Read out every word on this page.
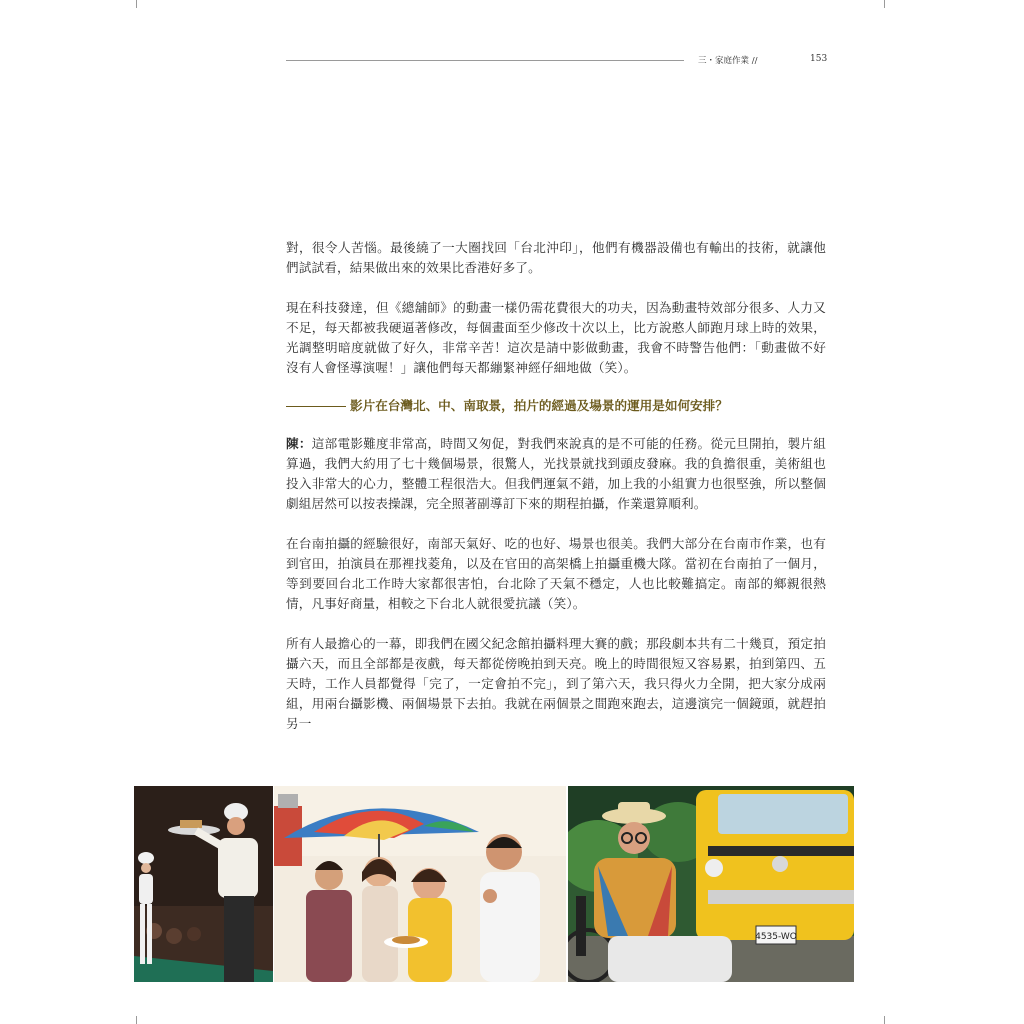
三・家庭作業 //	153

對，很令人苦惱。最後繞了一大圈找回「台北沖印」，他們有機器設備也有輸出的技術，就讓他們試試看，結果做出來的效果比香港好多了。

現在科技發達，但《總舖師》的動畫一樣仍需花費很大的功夫，因為動畫特效部分很多、人力又不足，每天都被我硬逼著修改，每個畫面至少修改十次以上，比方說憨人師跑月球上時的效果，光調整明暗度就做了好久，非常辛苦！這次是請中影做動畫，我會不時警告他們：「動畫做不好沒有人會怪導演喔！」讓他們每天都繃緊神經仔細地做（笑）。

影片在台灣北、中、南取景，拍片的經過及場景的運用是如何安排？

陳：這部電影難度非常高，時間又匆促，對我們來說真的是不可能的任務。從元旦開拍，製片組算過，我們大約用了七十幾個場景，很驚人，光找景就找到頭皮發麻。我的負擔很重，美術組也投入非常大的心力，整體工程很浩大。但我們運氣不錯，加上我的小組實力也很堅強，所以整個劇組居然可以按表操課，完全照著副導訂下來的期程拍攝，作業還算順利。

在台南拍攝的經驗很好，南部天氣好、吃的也好、場景也很美。我們大部分在台南市作業，也有到官田，拍演員在那裡找菱角，以及在官田的高架橋上拍攝重機大隊。當初在台南拍了一個月，等到要回台北工作時大家都很害怕，台北除了天氣不穩定，人也比較難搞定。南部的鄉親很熱情，凡事好商量，相較之下台北人就很愛抗議（笑）。

所有人最擔心的一幕，即我們在國父紀念館拍攝料理大賽的戲；那段劇本共有二十幾頁，預定拍攝六天，而且全部都是夜戲，每天都從傍晚拍到天亮。晚上的時間很短又容易累，拍到第四、五天時，工作人員都覺得「完了，一定會拍不完」，到了第六天，我只得火力全開，把大家分成兩組，用兩台攝影機、兩個場景下去拍。我就在兩個景之間跑來跑去，這邊演完一個鏡頭，就趕拍另一

4535-WO
